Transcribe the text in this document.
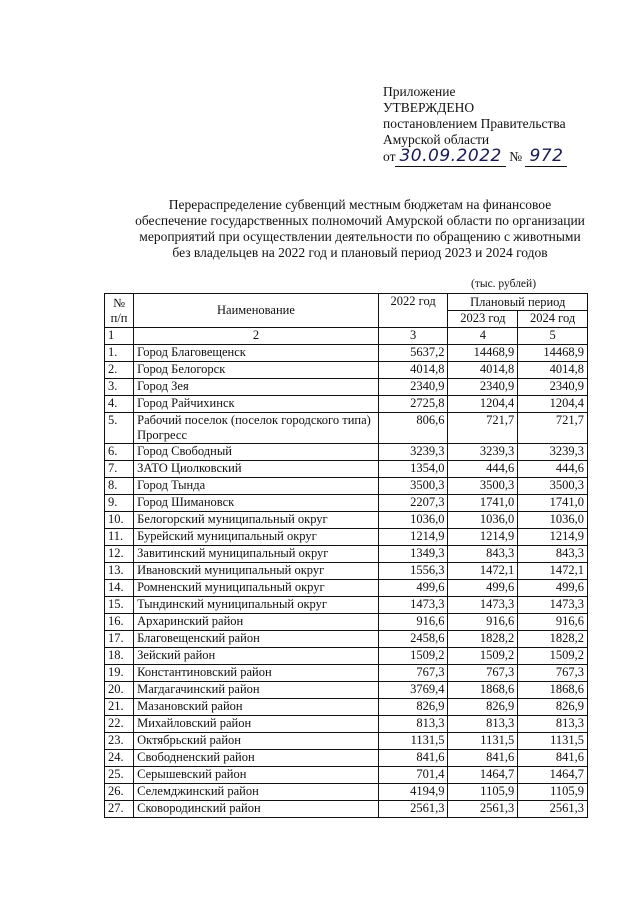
Приложение
УТВЕРЖДЕНО
постановлением Правительства
Амурской области
от 30.09.2022 № 972
Перераспределение субвенций местным бюджетам на финансовое
обеспечение государственных полномочий Амурской области по организации
мероприятий при осуществлении деятельности по обращению с животными
без владельцев на 2022 год и плановый период 2023 и 2024 годов
(тыс. рублей)
№ п/п	Наименование	2022 год	Плановый период	
			2023 год	2024 год
1	2	3	4	5
1.	Город Благовещенск	5637,2	14468,9	14468,9
2.	Город Белогорск	4014,8	4014,8	4014,8
3.	Город Зея	2340,9	2340,9	2340,9
4.	Город Райчихинск	2725,8	1204,4	1204,4
5.	Рабочий поселок (поселок городского типа) Прогресс	806,6	721,7	721,7
6.	Город Свободный	3239,3	3239,3	3239,3
7.	ЗАТО Циолковский	1354,0	444,6	444,6
8.	Город Тында	3500,3	3500,3	3500,3
9.	Город Шимановск	2207,3	1741,0	1741,0
10.	Белогорский муниципальный округ	1036,0	1036,0	1036,0
11.	Бурейский муниципальный округ	1214,9	1214,9	1214,9
12.	Завитинский муниципальный округ	1349,3	843,3	843,3
13.	Ивановский муниципальный округ	1556,3	1472,1	1472,1
14.	Ромненский муниципальный округ	499,6	499,6	499,6
15.	Тындинский муниципальный округ	1473,3	1473,3	1473,3
16.	Архаринский район	916,6	916,6	916,6
17.	Благовещенский район	2458,6	1828,2	1828,2
18.	Зейский район	1509,2	1509,2	1509,2
19.	Константиновский район	767,3	767,3	767,3
20.	Магдагачинский район	3769,4	1868,6	1868,6
21.	Мазановский район	826,9	826,9	826,9
22.	Михайловский район	813,3	813,3	813,3
23.	Октябрьский район	1131,5	1131,5	1131,5
24.	Свободненский район	841,6	841,6	841,6
25.	Серышевский район	701,4	1464,7	1464,7
26.	Селемджинский район	4194,9	1105,9	1105,9
27.	Сковородинский район	2561,3	2561,3	2561,3
